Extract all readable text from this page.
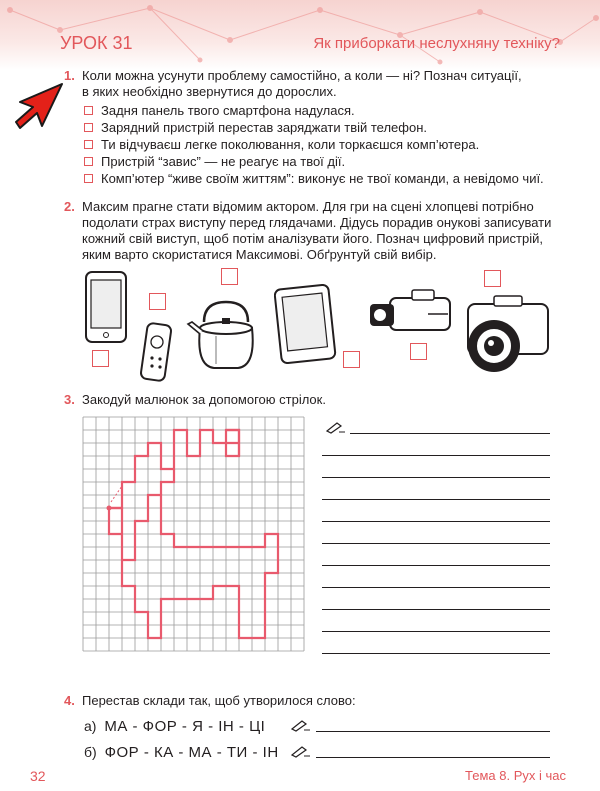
УРОК 31	Як приборкати неслухняну техніку?
1. Коли можна усунути проблему самостійно, а коли — ні? Познач ситуації,
в яких необхідно звернутися до дорослих.
Задня панель твого смартфона надулася.
Зарядний пристрій перестав заряджати твій телефон.
Ти відчуваєш легке поколювання, коли торкаєшся комп’ютера.
Пристрій “завис” — не реагує на твої дії.
Комп’ютер “живе своїм життям”: виконує не твої команди, а невідомо чиї.
2. Максим прагне стати відомим актором. Для гри на сцені хлопцеві потрібно
подолати страх виступу перед глядачами. Дідусь порадив онукові записувати
кожний свій виступ, щоб потім аналізувати його. Познач цифровий пристрій,
яким варто скористатися Максимові. Обґрунтуй свій вибір.
3. Закодуй малюнок за допомогою стрілок.
4. Перестав склади так, щоб утворилося слово:
а) МА - ФОР - Я - ІН - ЦІ
б) ФОР - КА - МА - ТИ - ІН
32	Тема 8. Рух і час
